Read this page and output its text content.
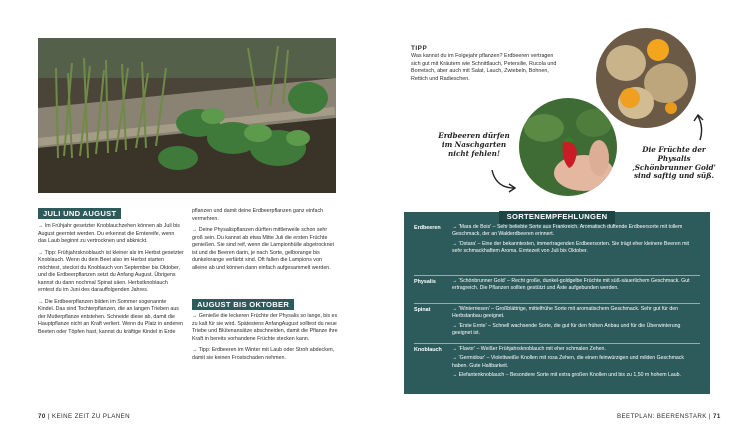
JULI UND AUGUST

→ Im Frühjahr gesetzter Knoblauchzehen können ab Juli bis August geerntet werden. Du erkennst die Erntereife, wenn das Laub beginnt zu vertrocknen und abknickt.

→ Tipp: Frühjahrsknoblauch ist kleiner als im Herbst gesetzter Knoblauch. Wenn du dein Beet also im Herbst starten möchtest, steckst du Knoblauch von September bis Oktober, und die Erdbeerpflanzen setzt du Anfang August. Übrigens kannst du dann nochmal Spinat säen. Herbstknoblauch erntest du im Juni des darauffolgenden Jahres.

→ Die Erdbeerpflanzen bilden im Sommer sogenannte Kindel. Das sind Tochterpflanzen, die an langen Trieben aus der Mutterpflanze entstehen. Schneide diese ab, damit die Hauptpflanze nicht an Kraft verliert. Wenn du Platz in anderen Beeten oder Töpfen hast, kannst du kräftige Kindel in Erde

pflanzen und damit deine Erdbeerpflanzen ganz einfach vermehren.

→ Deine Physalispflanzen dürften mittlerweile schon sehr groß sein. Du kannst ab etwa Mitte Juli die ersten Früchte genießen. Sie sind reif, wenn die Lampionhülle abgetrocknet ist und die Beeren darin, je nach Sorte, gelborange bis dunkelorange verfärbt sind. Oft fallen die Lampions von alleine ab und können dann einfach aufgesammelt werden.

AUGUST BIS OKTOBER

→ Genieße die leckeren Früchte der Physalis so lange, bis es zu kalt für sie wird. Spätestens AnfangAugust solltest du neue Triebe und Blütenansätze abschneiden, damit die Pflanze ihre Kraft in bereits vorhandene Früchte stecken kann.

→ Tipp: Erdbeeren im Winter mit Laub oder Stroh abdecken, damit sie keinen Frostschaden nehmen.

70 | KEINE ZEIT ZU PLANEN
TIPP
Was kannst du im Folgejahr pflanzen? Erdbeeren vertragen sich gut mit Kräutern wie Schnittlauch, Petersilie, Rucola und Borretsch, aber auch mit Salat, Lauch, Zwiebeln, Bohnen, Rettich und Radieschen.
Erdbeeren dürfen im Naschgarten nicht fehlen!	Die Früchte der Physalis ‚Schönbrunner Gold' sind saftig und süß.
SORTENEMPFEHLUNGEN
Erdbeeren	→ 'Mara de Bois' – Sehr beliebte Sorte aus Frankreich. Aromatisch duftende Erdbeersorte mit tollem Geschmack, der an Walderdbeeren erinnert.
→ 'Ostara' – Eine der bekanntesten, immertragenden Erdbeersorten. Sie trägt eher kleinere Beeren mit sehr schmackhaftem Aroma. Erntezeit von Juli bis Oktober.
Physalis	→ 'Schönbrunner Gold' – Recht große, dunkel-goldgelbe Früchte mit süß-säuerlichem Geschmack. Gut ertragreich. Die Pflanzen sollten gestützt und Äste aufgebunden werden.
Spinat	→ 'Winterriesen' – Großblättrige, mittelfrühe Sorte mit aromatischem Geschmack. Sehr gut für den Herbstanbau geeignet.
→ 'Erste Ernte' – Schnell wachsende Sorte, die gut für den frühen Anbau und für die Überwinterung geeignet ist.
Knoblauch	→ 'Flavor' – Weißer Frühjahrsknoblauch mit eher schmalen Zehen.
→ 'Germidour' – Violettweiße Knollen mit rosa Zehen, die einen feinwürzigen und milden Geschmack haben. Gute Haltbarkeit.
→ Elefantenknoblauch – Besondere Sorte mit extra großen Knollen und bis zu 1,50 m hohem Laub.
BEETPLAN: BEERENSTARK | 71
